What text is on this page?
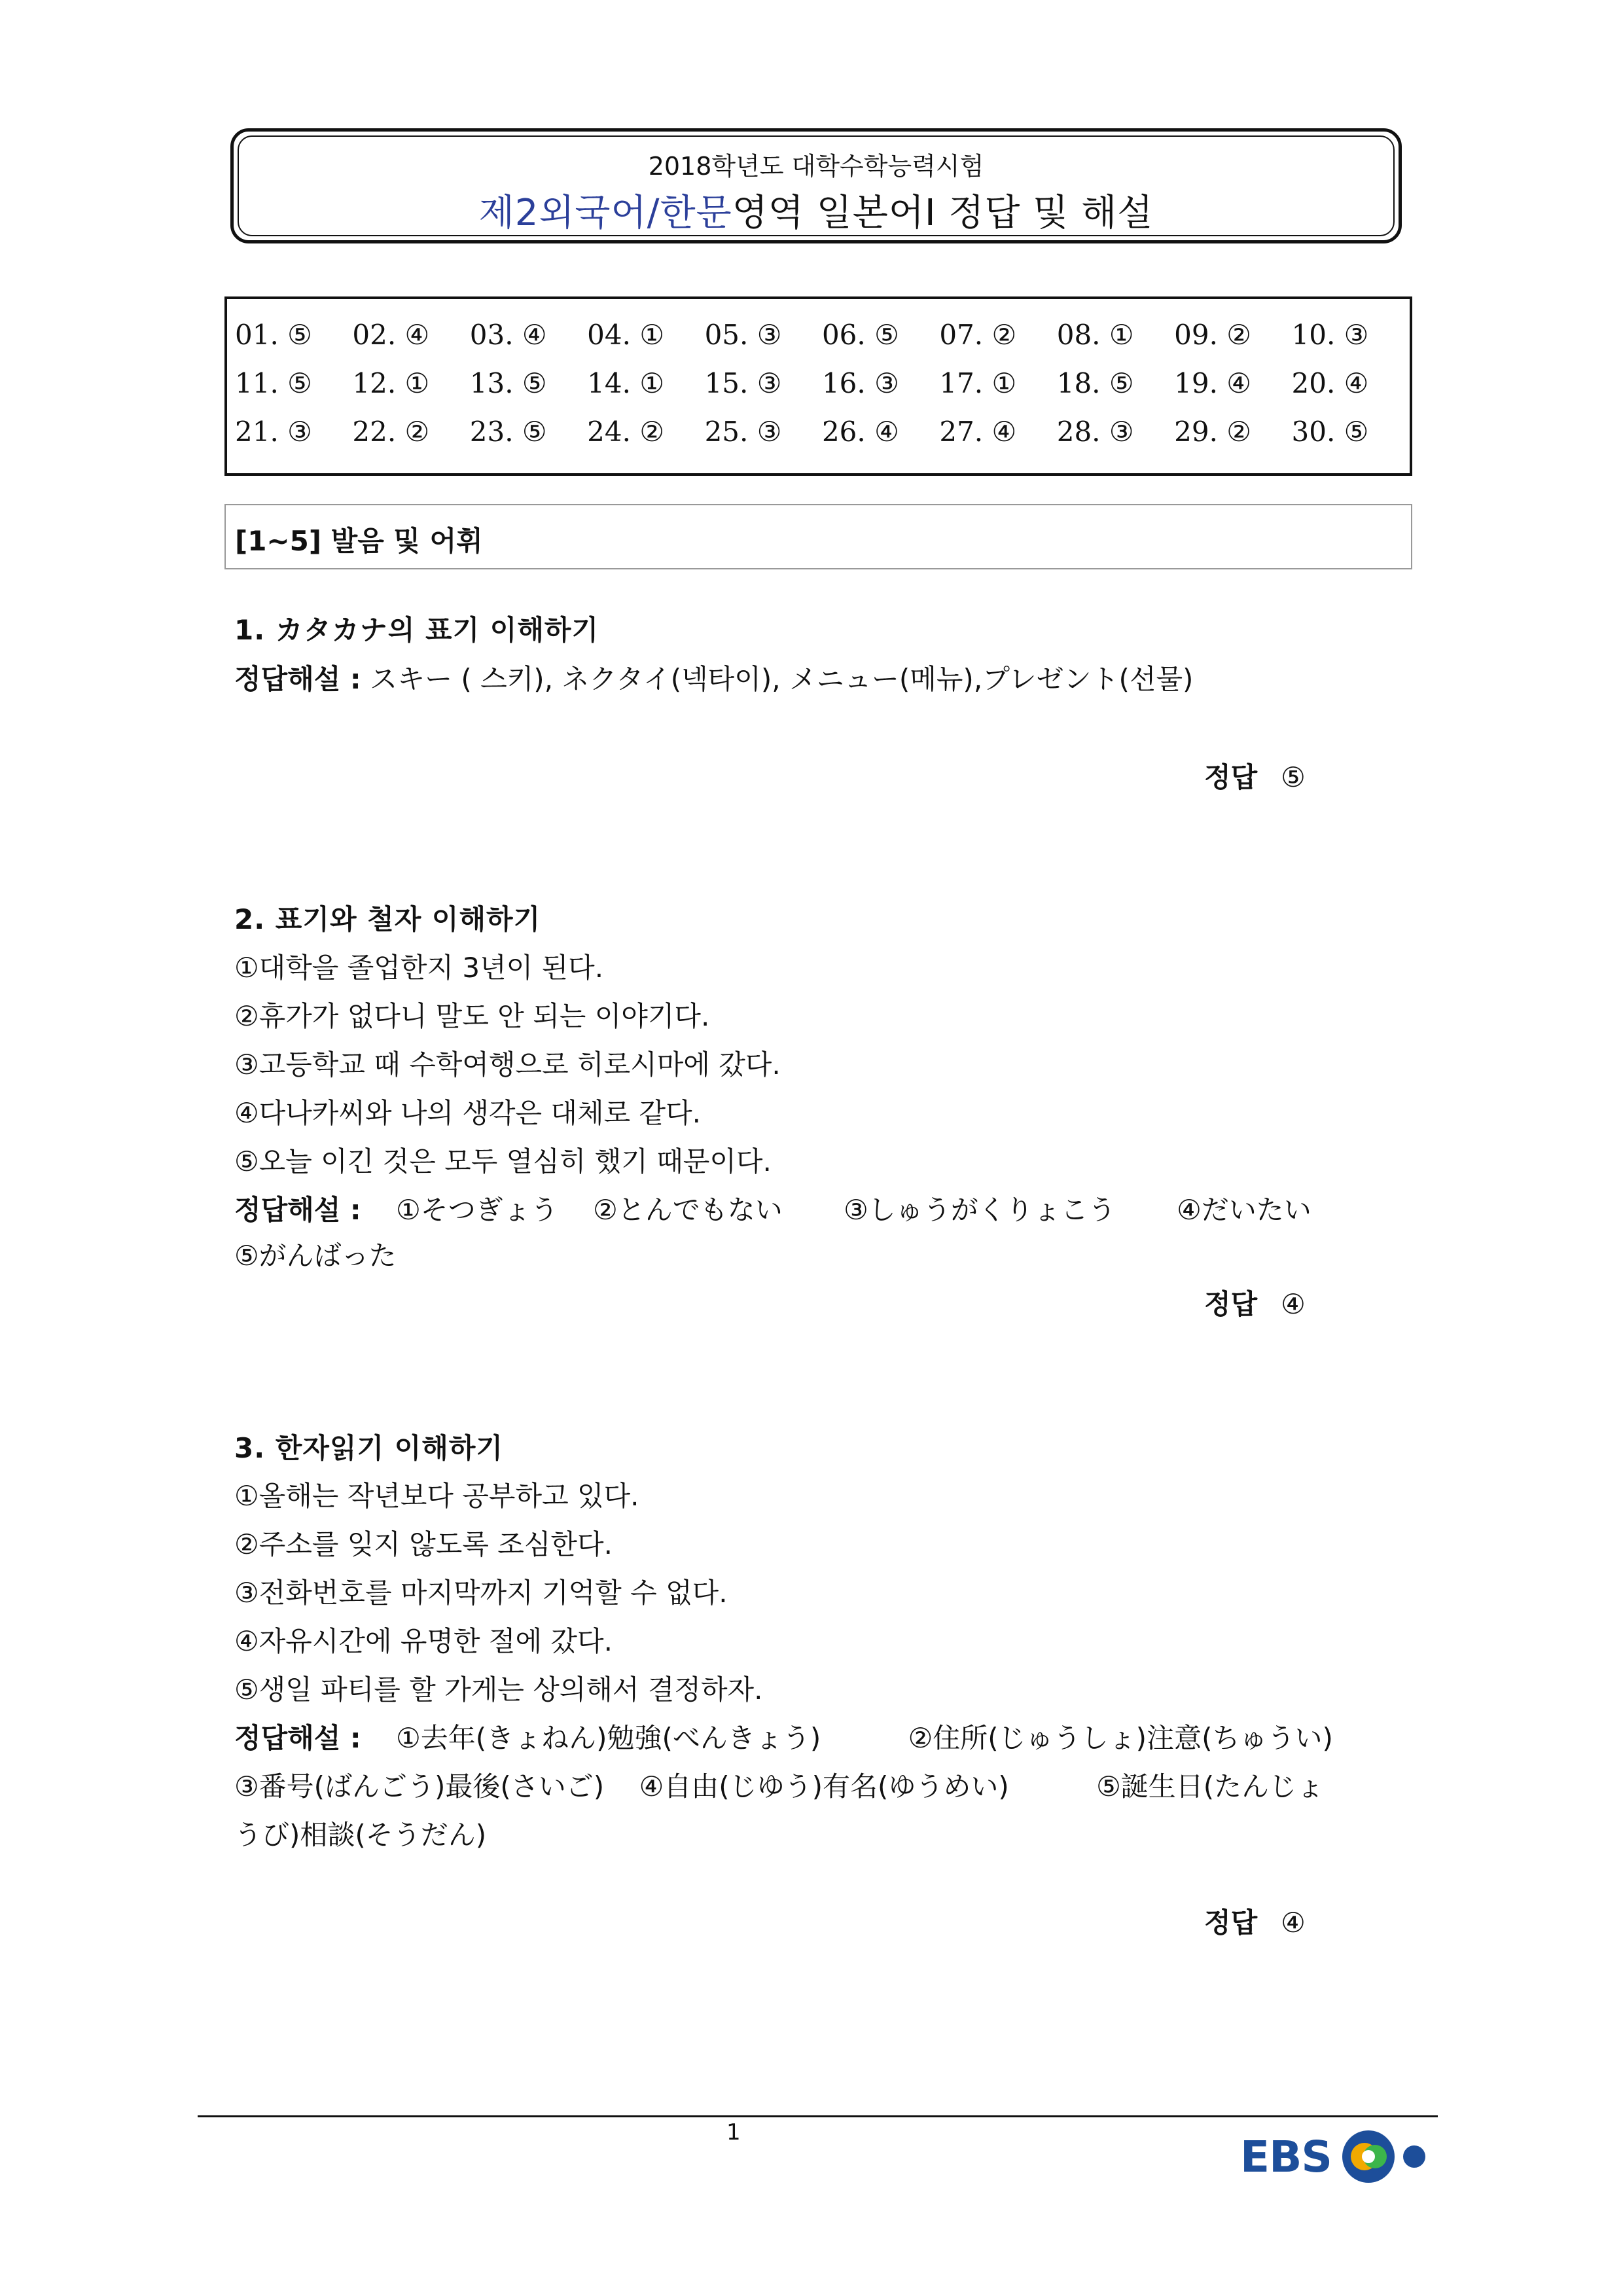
2018학년도 대학수학능력시험
제2외국어/한문영역 일본어Ⅰ 정답 및 해설
01. ⑤	02. ④	03. ④	04. ①	05. ③	06. ⑤	07. ②	08. ①	09. ②	10. ③
11. ⑤	12. ①	13. ⑤	14. ①	15. ③	16. ③	17. ①	18. ⑤	19. ④	20. ④
21. ③	22. ②	23. ⑤	24. ②	25. ③	26. ④	27. ④	28. ③	29. ②	30. ⑤
[1~5] 발음 및 어휘
1. カタカナ의 표기 이해하기
정답해설 : スキー ( 스키), ネクタイ(넥타이), メニュー(메뉴),プレゼント(선물)
정답 ⑤
2. 표기와 철자 이해하기
①대학을 졸업한지 3년이 된다.
②휴가가 없다니 말도 안 되는 이야기다.
③고등학교 때 수학여행으로 히로시마에 갔다.
④다나카씨와 나의 생각은 대체로 같다.
⑤오늘 이긴 것은 모두 열심히 했기 때문이다.
정답해설 : ①そつぎょう ②とんでもない ③しゅうがくりょこう ④だいたい
⑤がんばった
정답 ④
3. 한자읽기 이해하기
①올해는 작년보다 공부하고 있다.
②주소를 잊지 않도록 조심한다.
③전화번호를 마지막까지 기억할 수 없다.
④자유시간에 유명한 절에 갔다.
⑤생일 파티를 할 가게는 상의해서 결정하자.
정답해설 : ①去年(きょねん)勉強(べんきょう)	②住所(じゅうしょ)注意(ちゅうい)
③番号(ばんごう)最後(さいご) ④自由(じゆう)有名(ゆうめい)	⑤誕生日(たんじょ
うび)相談(そうだん)
정답 ④
1	EBS
